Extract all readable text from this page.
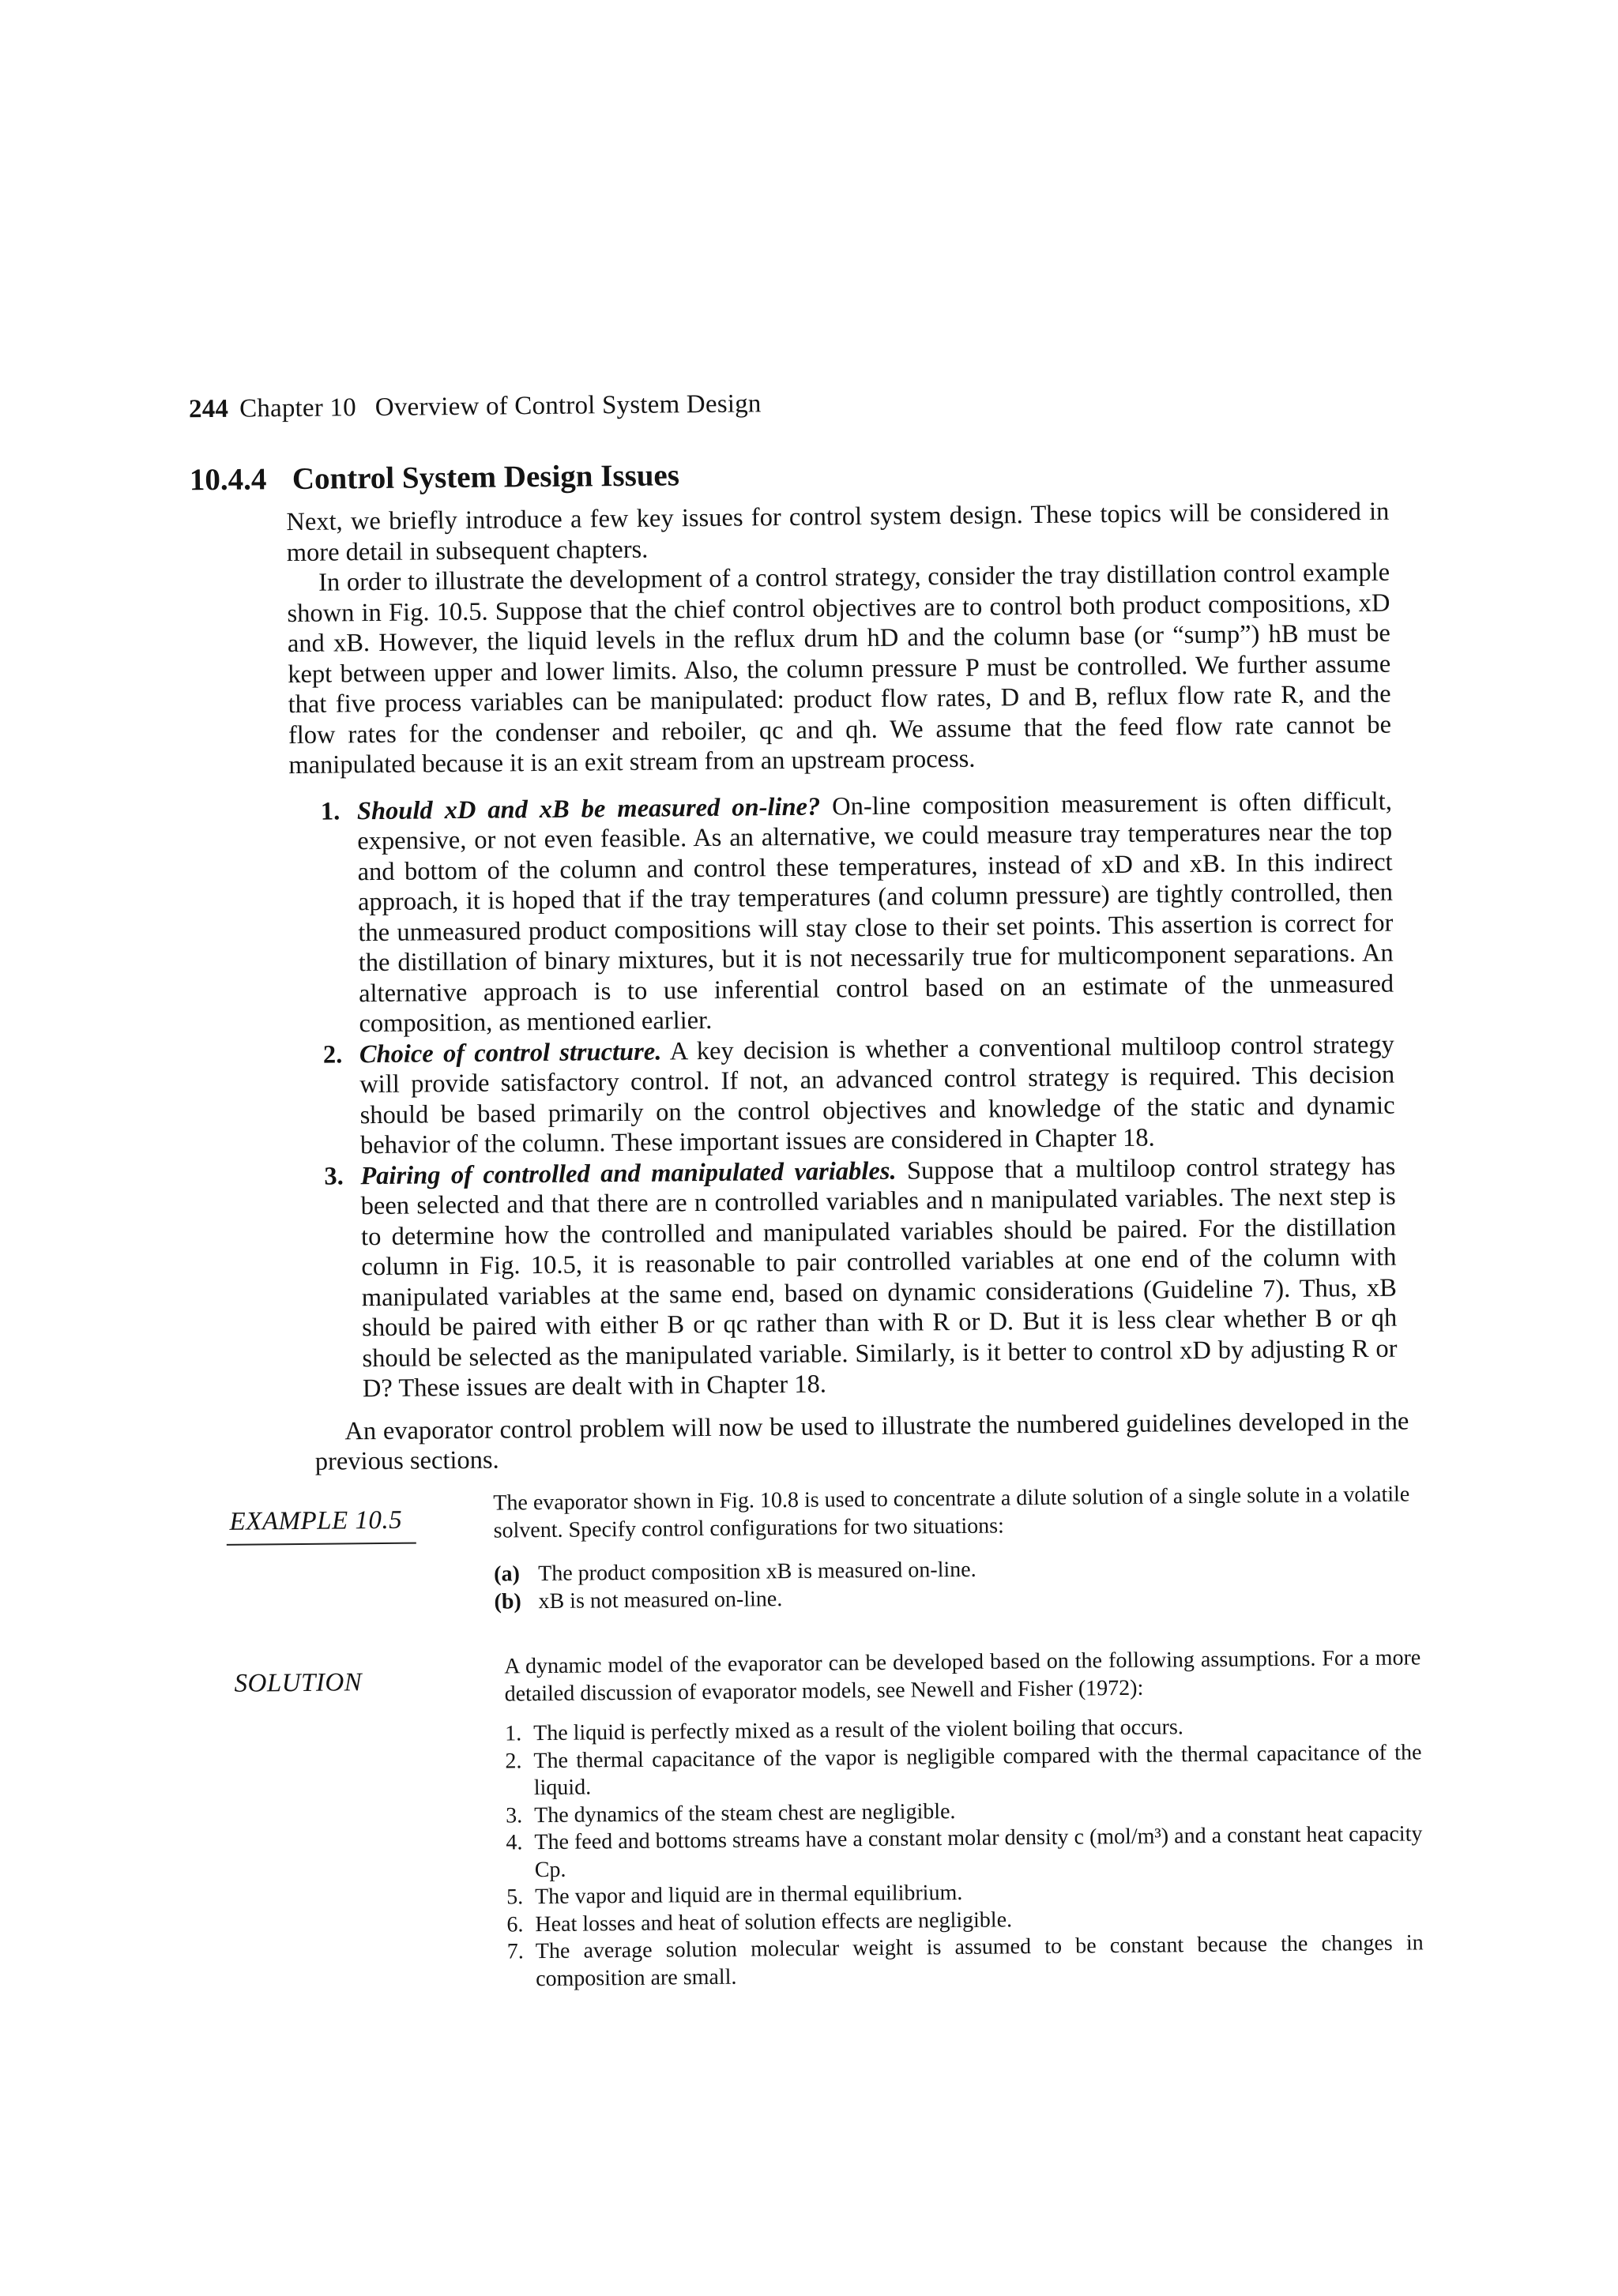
244 Chapter 10 Overview of Control System Design
10.4.4 Control System Design Issues

Next, we briefly introduce a few key issues for control system design. These topics will be considered in more detail in subsequent chapters.

In order to illustrate the development of a control strategy, consider the tray distillation control example shown in Fig. 10.5. Suppose that the chief control objectives are to control both product compositions, xD and xB. However, the liquid levels in the reflux drum hD and the column base (or “sump”) hB must be kept between upper and lower limits. Also, the column pressure P must be controlled. We further assume that five process variables can be manipulated: product flow rates, D and B, reflux flow rate R, and the flow rates for the condenser and reboiler, qc and qh. We assume that the feed flow rate cannot be manipulated because it is an exit stream from an upstream process.

1. Should xD and xB be measured on-line? On-line composition measurement is often difficult, expensive, or not even feasible. As an alternative, we could measure tray temperatures near the top and bottom of the column and control these temperatures, instead of xD and xB. In this indirect approach, it is hoped that if the tray temperatures (and column pressure) are tightly controlled, then the unmeasured product compositions will stay close to their set points. This assertion is correct for the distillation of binary mixtures, but it is not necessarily true for multicomponent separations. An alternative approach is to use inferential control based on an estimate of the unmeasured composition, as mentioned earlier.
2. Choice of control structure. A key decision is whether a conventional multiloop control strategy will provide satisfactory control. If not, an advanced control strategy is required. This decision should be based primarily on the control objectives and knowledge of the static and dynamic behavior of the column. These important issues are considered in Chapter 18.
3. Pairing of controlled and manipulated variables. Suppose that a multiloop control strategy has been selected and that there are n controlled variables and n manipulated variables. The next step is to determine how the controlled and manipulated variables should be paired. For the distillation column in Fig. 10.5, it is reasonable to pair controlled variables at one end of the column with manipulated variables at the same end, based on dynamic considerations (Guideline 7). Thus, xB should be paired with either B or qc rather than with R or D. But it is less clear whether B or qh should be selected as the manipulated variable. Similarly, is it better to control xD by adjusting R or D? These issues are dealt with in Chapter 18.

An evaporator control problem will now be used to illustrate the numbered guidelines developed in the previous sections.

EXAMPLE 10.5

The evaporator shown in Fig. 10.8 is used to concentrate a dilute solution of a single solute in a volatile solvent. Specify control configurations for two situations:

(a) The product composition xB is measured on-line.
(b) xB is not measured on-line.
SOLUTION

A dynamic model of the evaporator can be developed based on the following assumptions. For a more detailed discussion of evaporator models, see Newell and Fisher (1972):

1. The liquid is perfectly mixed as a result of the violent boiling that occurs.
2. The thermal capacitance of the vapor is negligible compared with the thermal capacitance of the liquid.
3. The dynamics of the steam chest are negligible.
4. The feed and bottoms streams have a constant molar density c (mol/m³) and a constant heat capacity Cp.
5. The vapor and liquid are in thermal equilibrium.
6. Heat losses and heat of solution effects are negligible.
7. The average solution molecular weight is assumed to be constant because the changes in composition are small.
